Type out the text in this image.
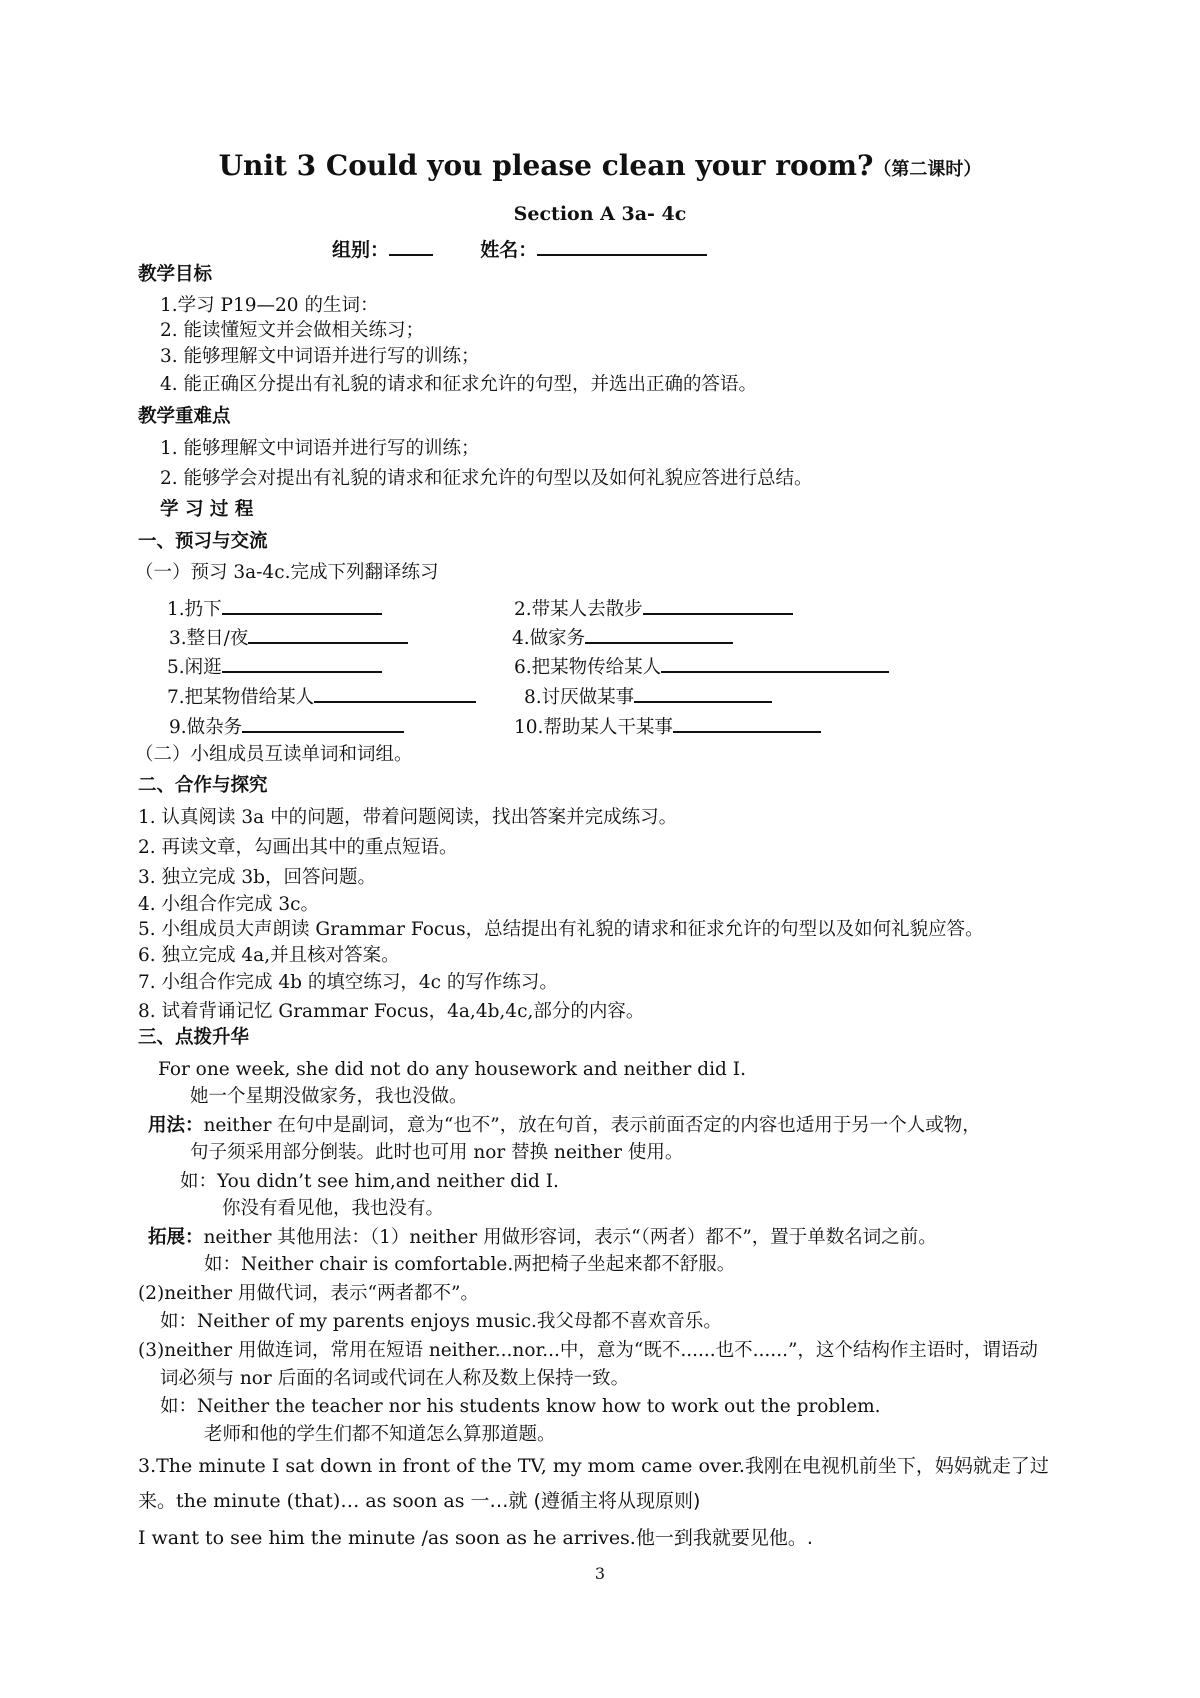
Unit 3 Could you please clean your room?（第二课时）
Section A 3a- 4c
组别：	姓名：
教学目标
1.学习 P19—20 的生词：
2. 能读懂短文并会做相关练习；
3. 能够理解文中词语并进行写的训练；
4. 能正确区分提出有礼貌的请求和征求允许的句型，并选出正确的答语。
教学重难点
1. 能够理解文中词语并进行写的训练；
2. 能够学会对提出有礼貌的请求和征求允许的句型以及如何礼貌应答进行总结。
学 习 过 程
一、预习与交流
（一）预习 3a-4c.完成下列翻译练习
1.扔下	2.带某人去散步
3.整日/夜	4.做家务
5.闲逛	6.把某物传给某人
7.把某物借给某人	8.讨厌做某事
9.做杂务	10.帮助某人干某事
（二）小组成员互读单词和词组。
二、合作与探究
1. 认真阅读 3a 中的问题，带着问题阅读，找出答案并完成练习。
2. 再读文章，勾画出其中的重点短语。
3. 独立完成 3b，回答问题。
4. 小组合作完成 3c。
5. 小组成员大声朗读 Grammar Focus，总结提出有礼貌的请求和征求允许的句型以及如何礼貌应答。
6. 独立完成 4a,并且核对答案。
7. 小组合作完成 4b 的填空练习，4c 的写作练习。
8. 试着背诵记忆 Grammar Focus，4a,4b,4c,部分的内容。
三、点拨升华
For one week, she did not do any housework and neither did I.
她一个星期没做家务，我也没做。
用法：neither 在句中是副词，意为“也不”，放在句首，表示前面否定的内容也适用于另一个人或物，
句子须采用部分倒装。此时也可用 nor 替换 neither 使用。
如：You didn’t see him,and neither did I.
你没有看见他，我也没有。
拓展：neither 其他用法：（1）neither 用做形容词，表示“（两者）都不”，置于单数名词之前。
如：Neither chair is comfortable.两把椅子坐起来都不舒服。
(2)neither 用做代词，表示“两者都不”。
如：Neither of my parents enjoys music.我父母都不喜欢音乐。
(3)neither 用做连词，常用在短语 neither...nor...中，意为“既不......也不......”，这个结构作主语时，谓语动
词必须与 nor 后面的名词或代词在人称及数上保持一致。
如：Neither the teacher nor his students know how to work out the problem.
老师和他的学生们都不知道怎么算那道题。
3.The minute I sat down in front of the TV, my mom came over.我刚在电视机前坐下，妈妈就走了过
来。the minute (that)… as soon as 一…就 (遵循主将从现原则)
I want to see him the minute /as soon as he arrives.他一到我就要见他。.
3
